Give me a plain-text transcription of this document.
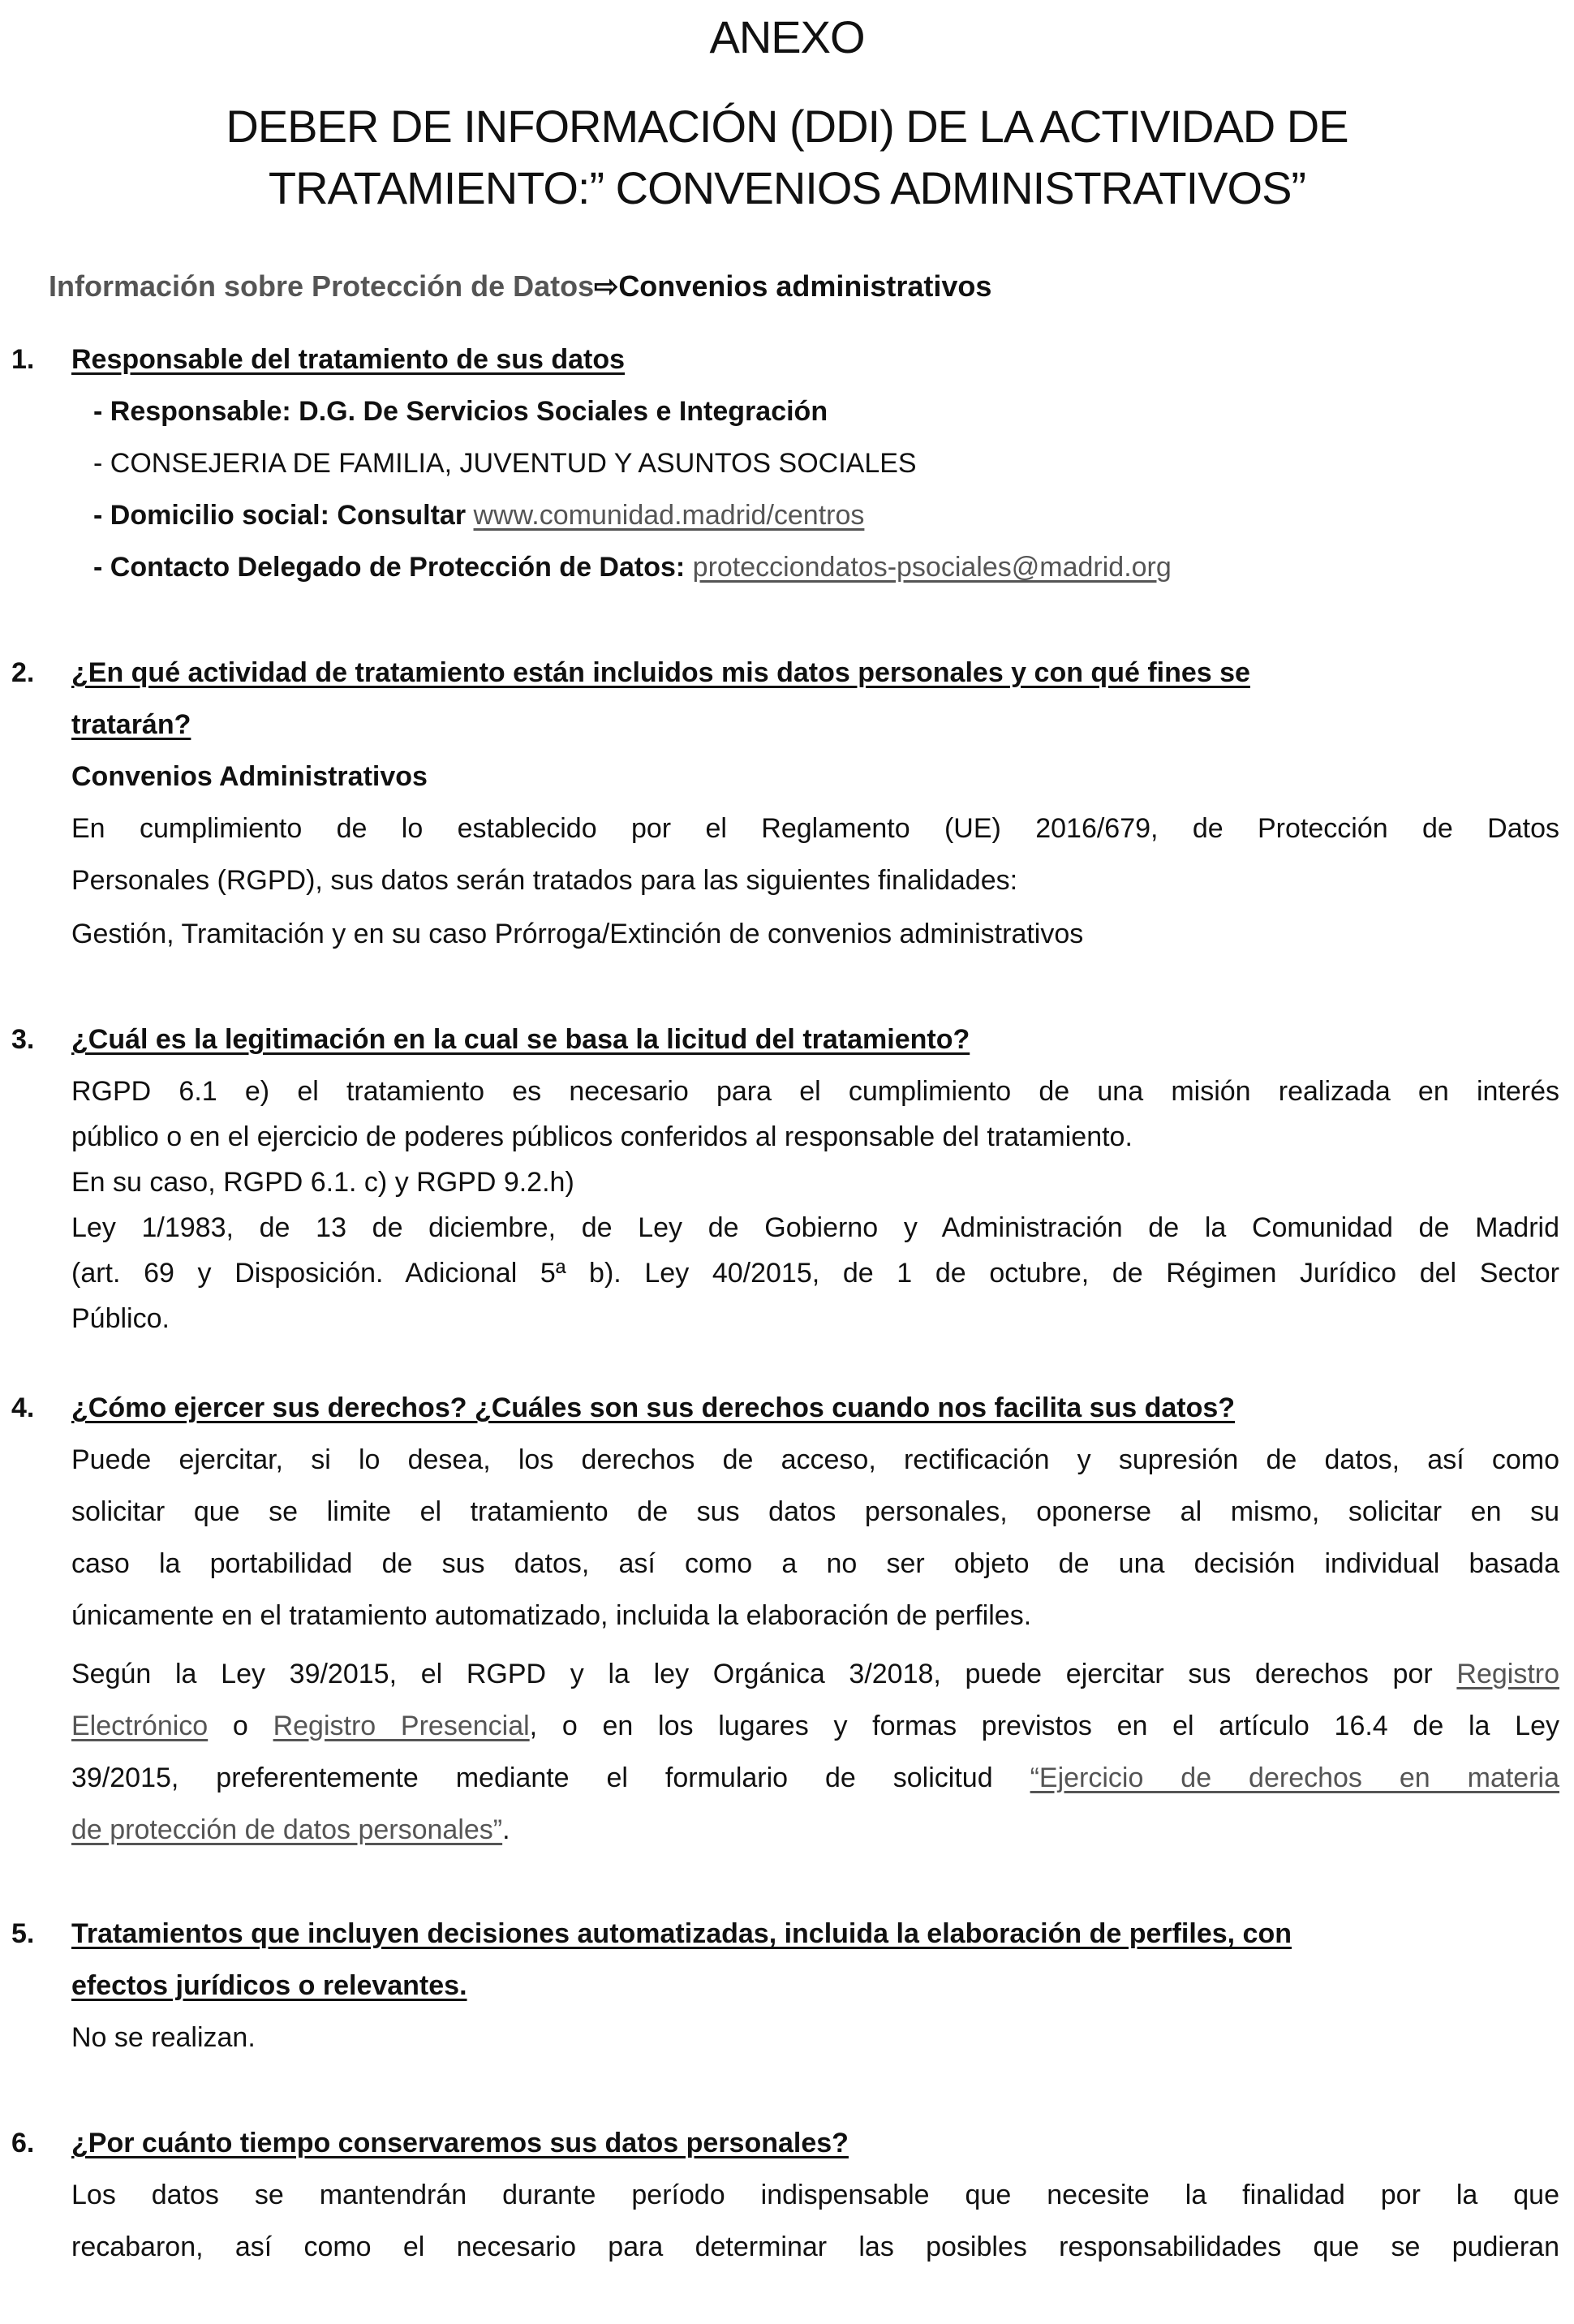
ANEXO
DEBER DE INFORMACIÓN (DDI) DE LA ACTIVIDAD DE
TRATAMIENTO:” CONVENIOS ADMINISTRATIVOS”
Información sobre Protección de Datos⇨Convenios administrativos
1. Responsable del tratamiento de sus datos
- Responsable: D.G. De Servicios Sociales e Integración
- CONSEJERIA DE FAMILIA, JUVENTUD Y ASUNTOS SOCIALES
- Domicilio social: Consultar www.comunidad.madrid/centros
- Contacto Delegado de Protección de Datos: protecciondatos-psociales@madrid.org
2. ¿En qué actividad de tratamiento están incluidos mis datos personales y con qué fines se
tratarán?
Convenios Administrativos
En cumplimiento de lo establecido por el Reglamento (UE) 2016/679, de Protección de Datos
Personales (RGPD), sus datos serán tratados para las siguientes finalidades:
Gestión, Tramitación y en su caso Prórroga/Extinción de convenios administrativos
3. ¿Cuál es la legitimación en la cual se basa la licitud del tratamiento?
RGPD 6.1 e) el tratamiento es necesario para el cumplimiento de una misión realizada en interés
público o en el ejercicio de poderes públicos conferidos al responsable del tratamiento.
En su caso, RGPD 6.1. c) y RGPD 9.2.h)
Ley 1/1983, de 13 de diciembre, de Ley de Gobierno y Administración de la Comunidad de Madrid
(art. 69 y Disposición. Adicional 5ª b). Ley 40/2015, de 1 de octubre, de Régimen Jurídico del Sector
Público.
4. ¿Cómo ejercer sus derechos? ¿Cuáles son sus derechos cuando nos facilita sus datos?
Puede ejercitar, si lo desea, los derechos de acceso, rectificación y supresión de datos, así como
solicitar que se limite el tratamiento de sus datos personales, oponerse al mismo, solicitar en su
caso la portabilidad de sus datos, así como a no ser objeto de una decisión individual basada
únicamente en el tratamiento automatizado, incluida la elaboración de perfiles.
Según la Ley 39/2015, el RGPD y la ley Orgánica 3/2018, puede ejercitar sus derechos por Registro
Electrónico o Registro Presencial, o en los lugares y formas previstos en el artículo 16.4 de la Ley
39/2015, preferentemente mediante el formulario de solicitud “Ejercicio de derechos en materia
de protección de datos personales”.
5. Tratamientos que incluyen decisiones automatizadas, incluida la elaboración de perfiles, con
efectos jurídicos o relevantes.
No se realizan.
6. ¿Por cuánto tiempo conservaremos sus datos personales?
Los datos se mantendrán durante período indispensable que necesite la finalidad por la que
recabaron, así como el necesario para determinar las posibles responsabilidades que se pudieran
